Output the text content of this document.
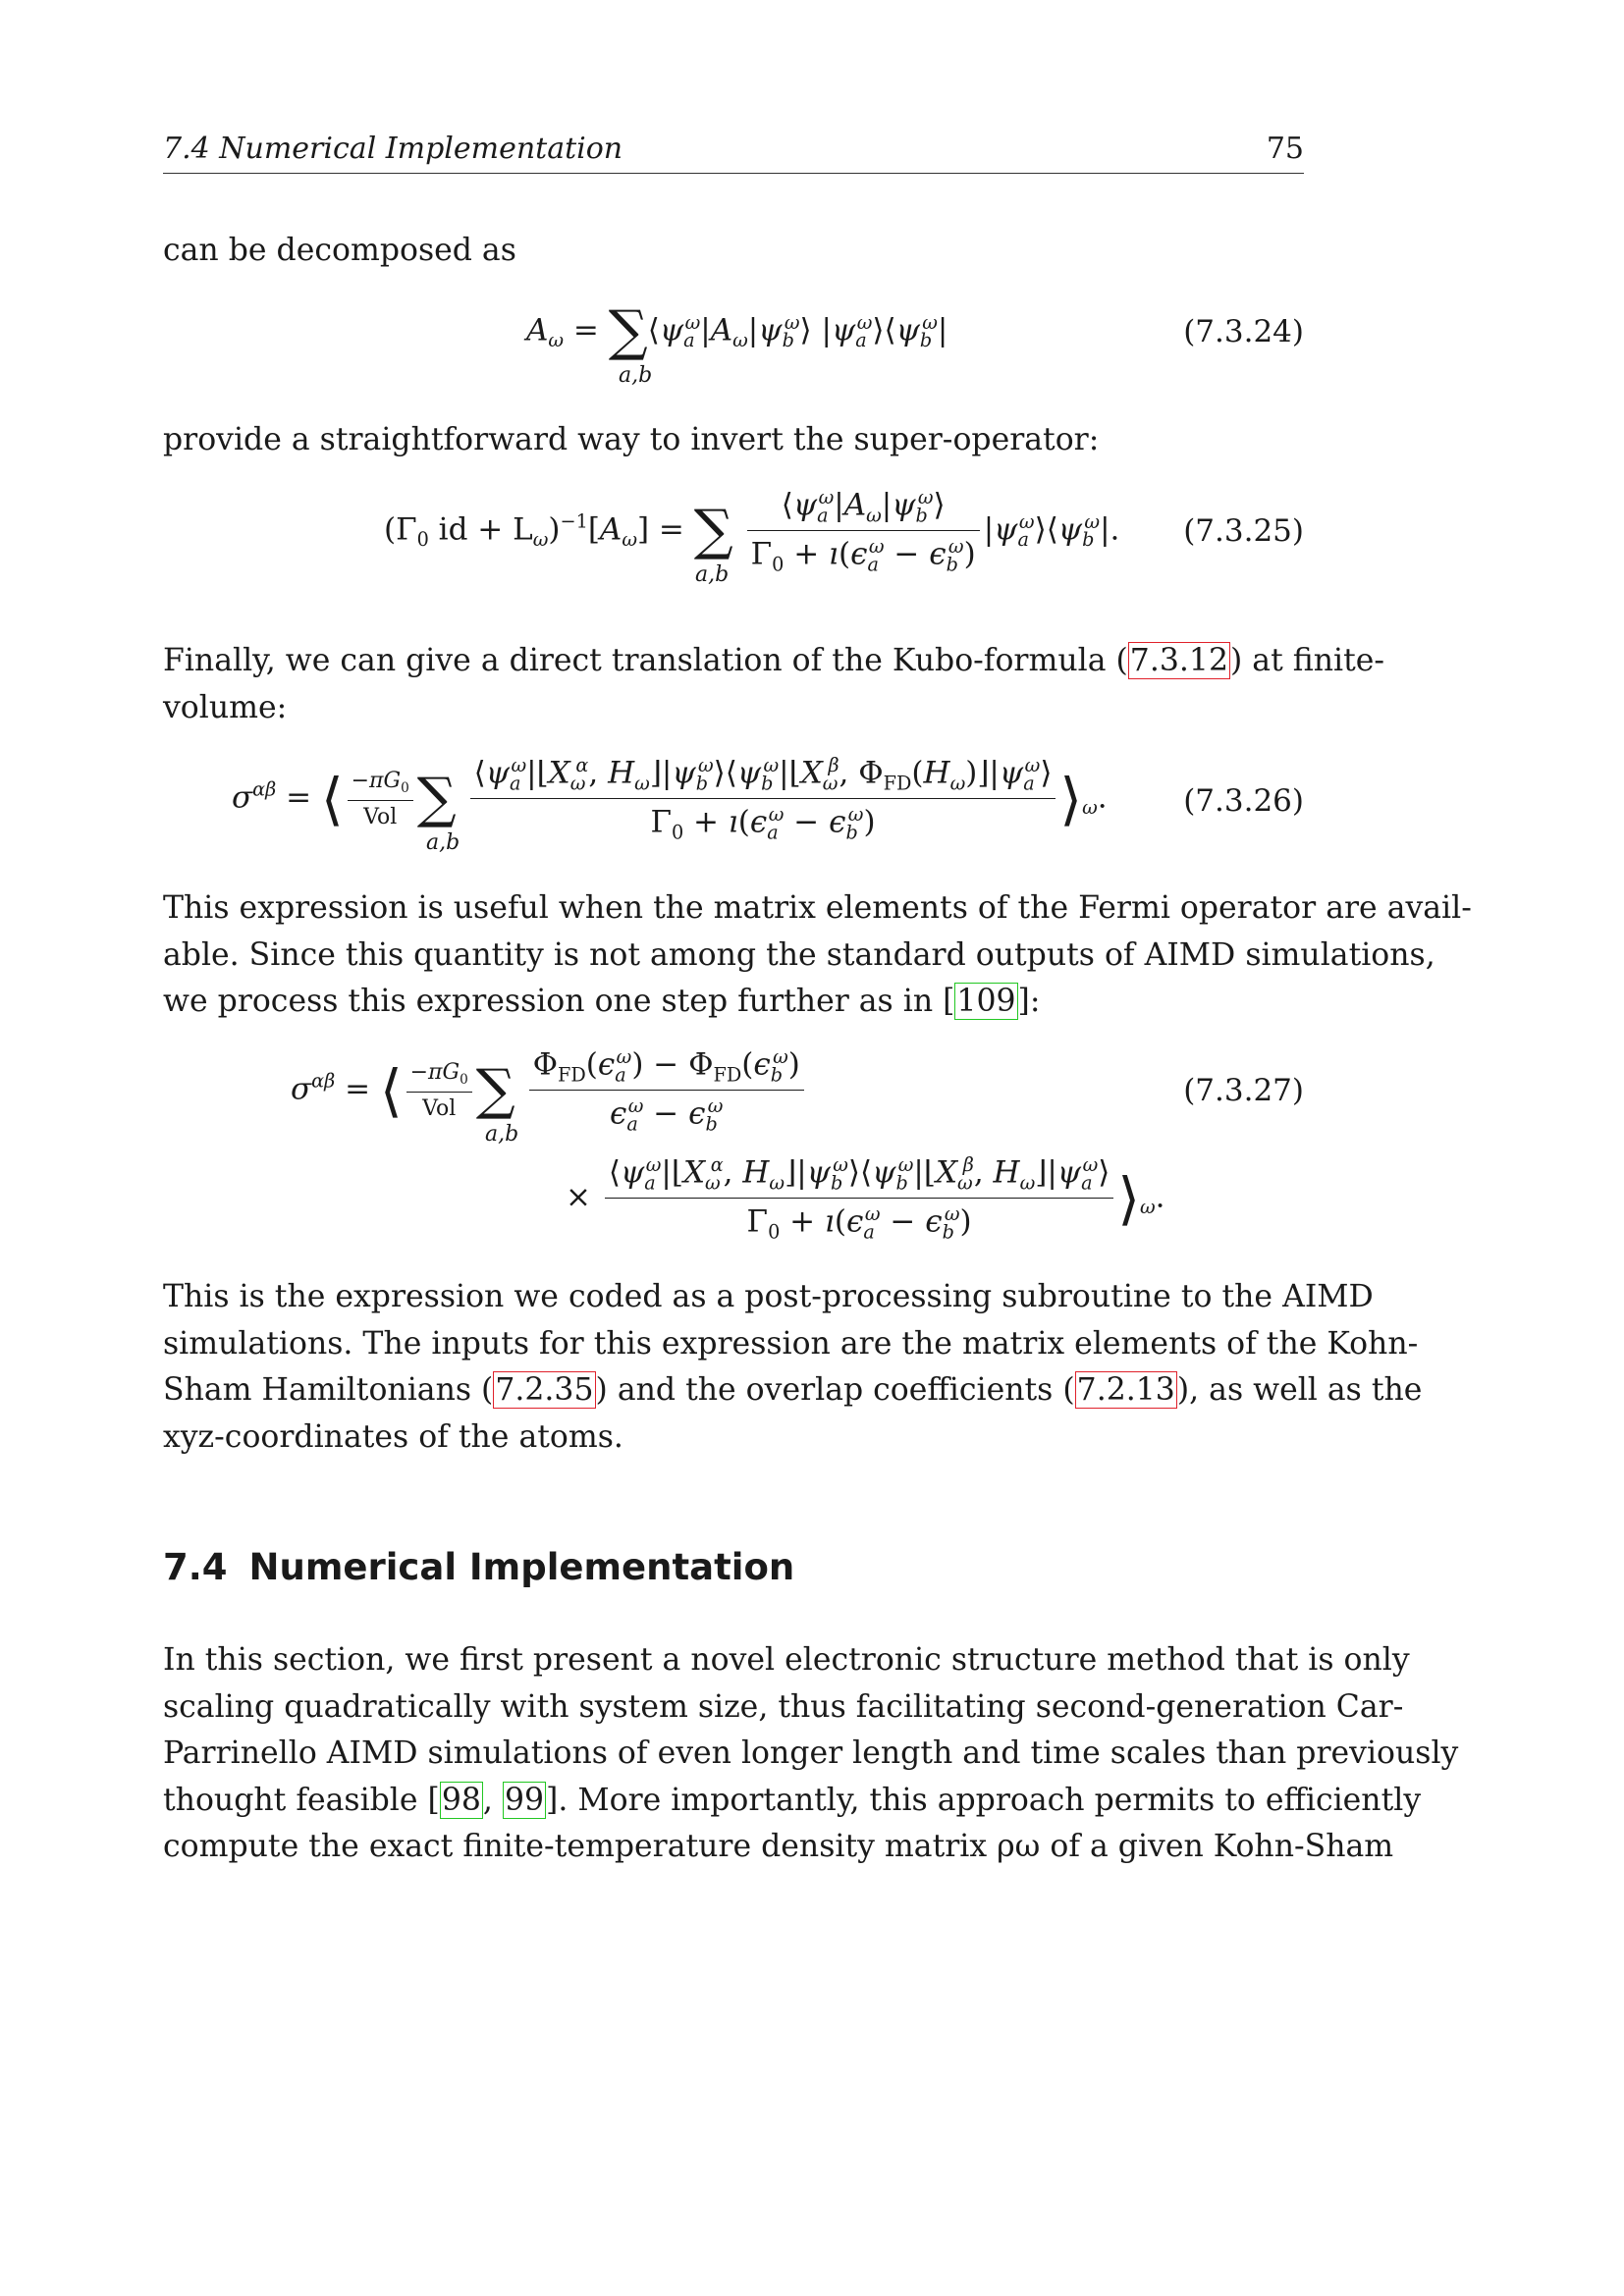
7.4 Numerical Implementation	75
can be decomposed as
$A_\omega$ = $\sum⟨\psi_a^\omega|A_\omega|\psi_b^\omega⟩$ $|\psi_a^\omega⟩⟨\psi_b^\omega|$
a,b
(7.3.24)
provide a straightforward way to invert the super-operator:
($\Gamma_0$ id + $L_\omega)^{-1}[A_\omega]$ = ∑ $\frac{⟨\psi_a^\omega|A_\omega|\psi_b^\omega⟩}{\Gamma_0 + ı(\epsilon_a^\omega - \epsilon_b^\omega)}$ $|\psi_a^\omega⟩⟨\psi_b^\omega|$.
a,b
(7.3.25)
Finally, we can give a direct translation of the Kubo-formula (7.3.12) at finite-
volume:
$\sigma^{\alpha\beta}$ = ⟨ $\frac{-\pi G_0}{\text{Vol}}$ ∑ $\frac{⟨\psi_a^\omega|⌊X_\omega^\alpha, H_\omega⌋|\psi_b^\omega⟩⟨\psi_b^\omega|⌊X_\omega^\beta, \Phi_{FD}(H_\omega)⌋|\psi_a^\omega⟩}{\Gamma_0 + ı(\epsilon_a^\omega - \epsilon_b^\omega)}$ $⟩_\omega$.
a,b
(7.3.26)
This expression is useful when the matrix elements of the Fermi operator are avail-
able. Since this quantity is not among the standard outputs of AIMD simulations,
we process this expression one step further as in [109]:
$\sigma^{\alpha\beta}$ = ⟨ $\frac{-\pi G_0}{\text{Vol}}$ ∑ $\frac{\Phi_{FD}(\epsilon_a^\omega) - \Phi_{FD}(\epsilon_b^\omega)}{\epsilon_a^\omega - \epsilon_b^\omega}$
a,b
(7.3.27)
× $\frac{⟨\psi_a^\omega|⌊X_\omega^\alpha, H_\omega⌋|\psi_b^\omega⟩⟨\psi_b^\omega|⌊X_\omega^\beta, H_\omega⌋|\psi_a^\omega⟩}{\Gamma_0 + ı(\epsilon_a^\omega - \epsilon_b^\omega)}$ $⟩_\omega$.
This is the expression we coded as a post-processing subroutine to the AIMD
simulations. The inputs for this expression are the matrix elements of the Kohn-
Sham Hamiltonians (7.2.35) and the overlap coefficients (7.2.13), as well as the
xyz-coordinates of the atoms.
7.4 Numerical Implementation
In this section, we first present a novel electronic structure method that is only
scaling quadratically with system size, thus facilitating second-generation Car-
Parrinello AIMD simulations of even longer length and time scales than previously
thought feasible [98, 99]. More importantly, this approach permits to efficiently
compute the exact finite-temperature density matrix ρω of a given Kohn-Sham
